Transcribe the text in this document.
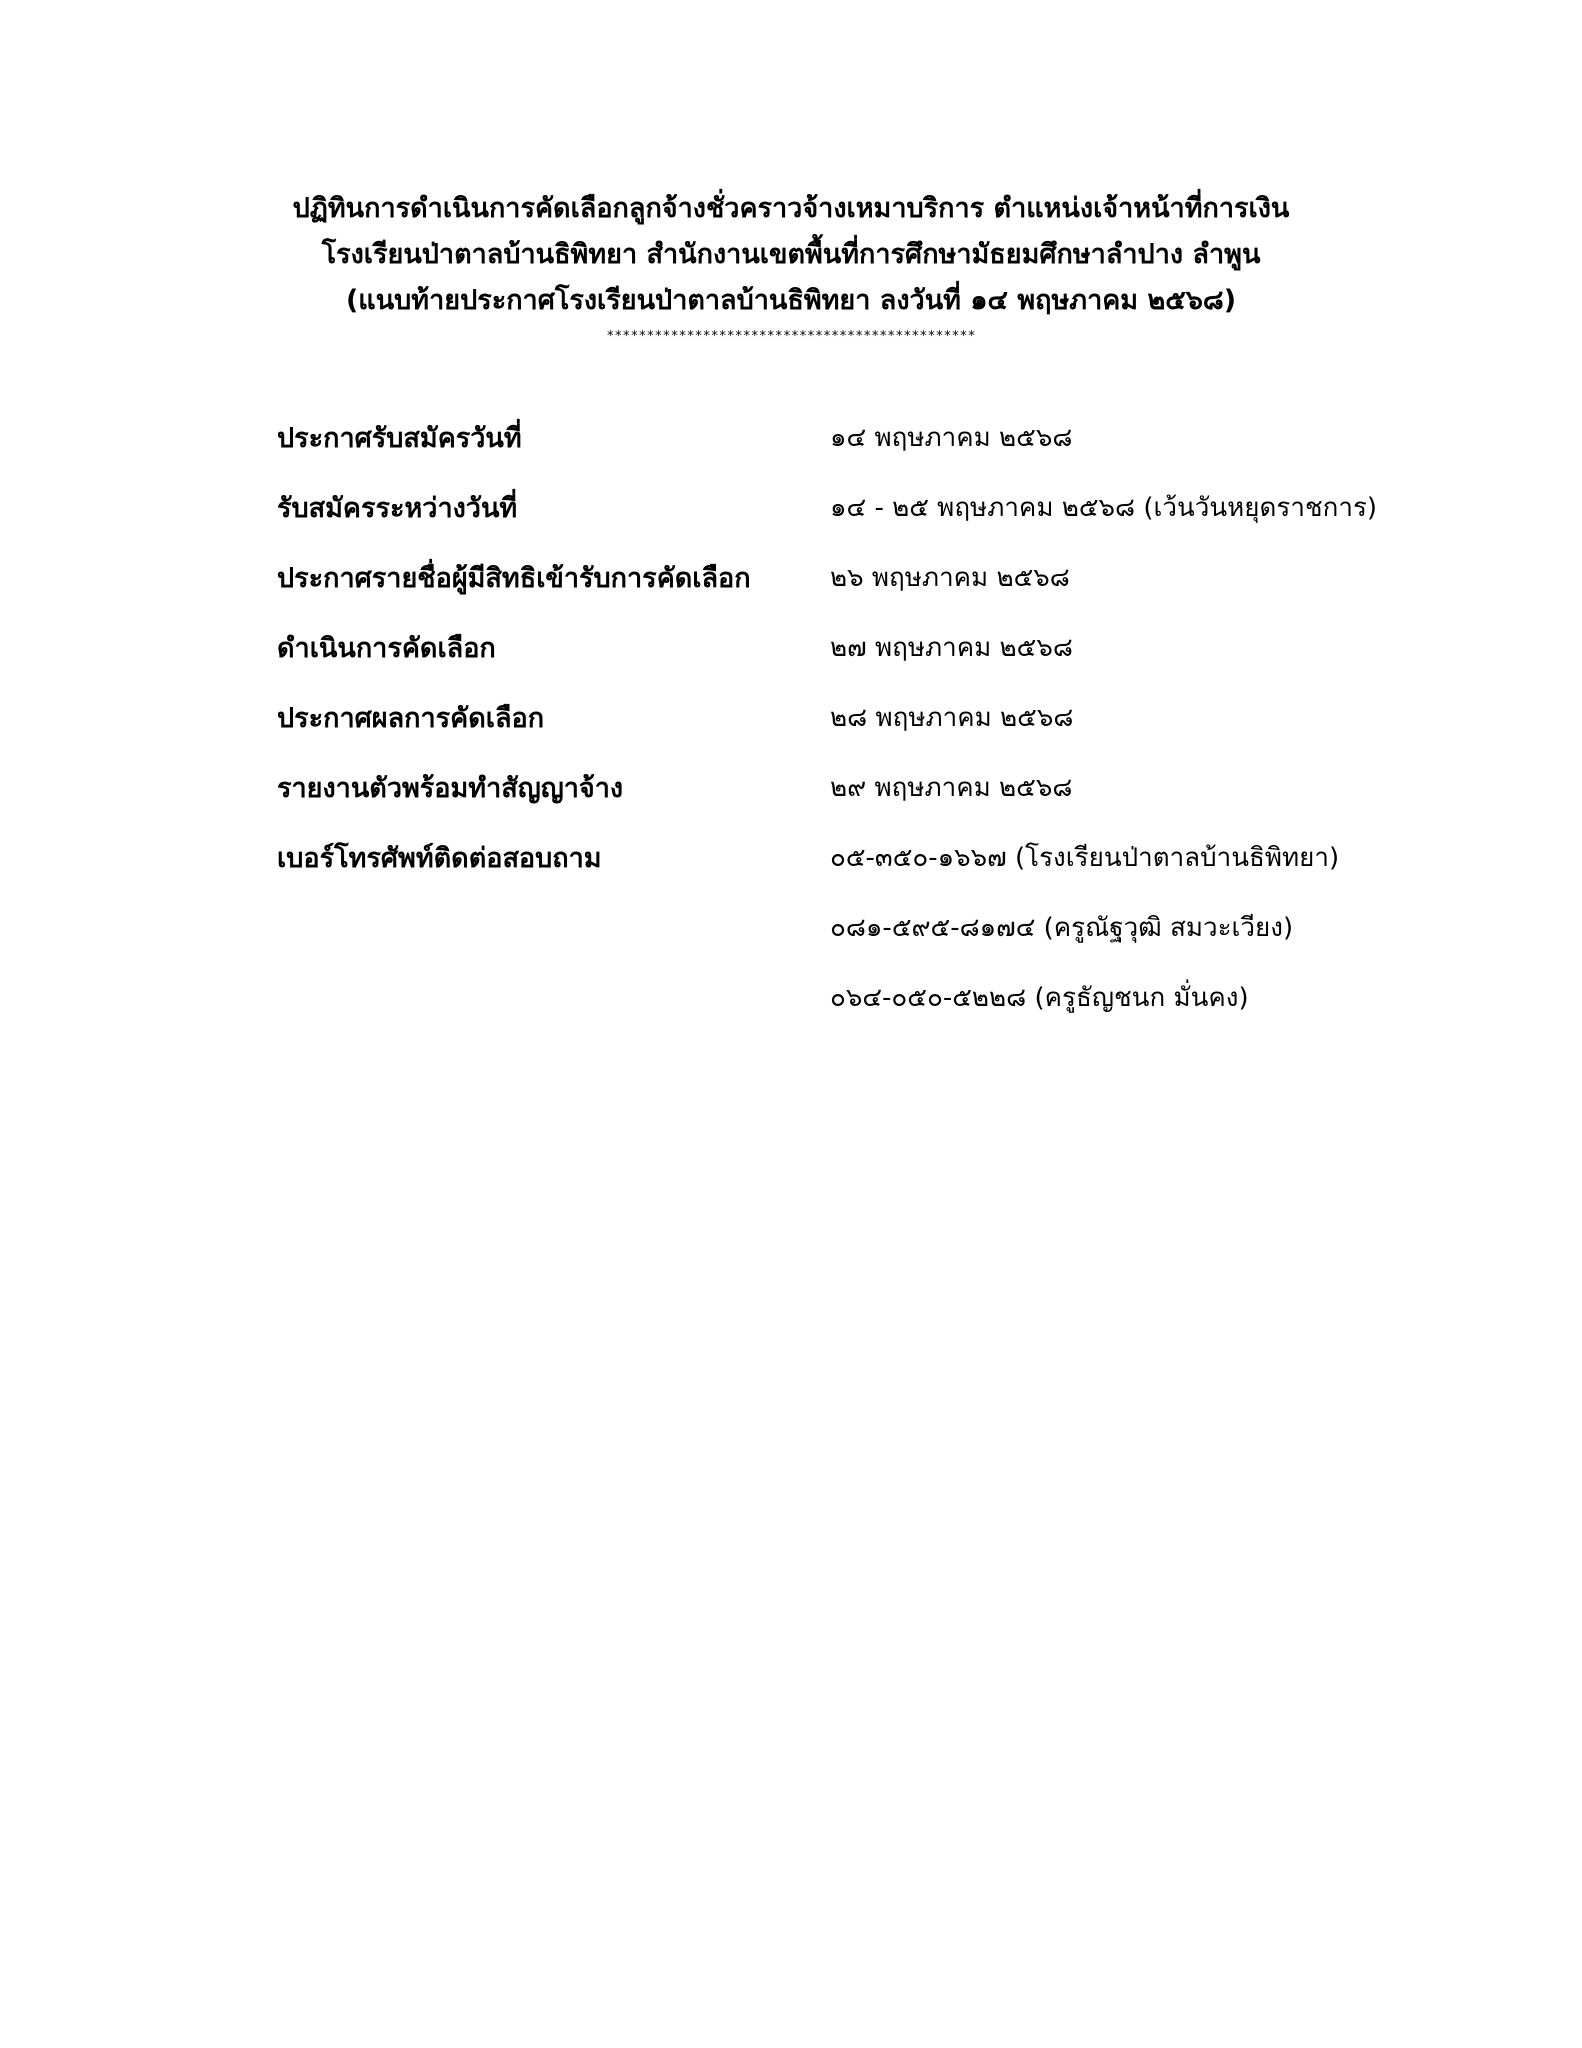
ปฏิทินการดำเนินการคัดเลือกลูกจ้างชั่วคราวจ้างเหมาบริการ ตำแหน่งเจ้าหน้าที่การเงิน
โรงเรียนป่าตาลบ้านธิพิทยา สำนักงานเขตพื้นที่การศึกษามัธยมศึกษาลำปาง ลำพูน
(แนบท้ายประกาศโรงเรียนป่าตาลบ้านธิพิทยา ลงวันที่ ๑๔ พฤษภาคม ๒๕๖๘)
**********************************************
ประกาศรับสมัครวันที่	๑๔ พฤษภาคม ๒๕๖๘
รับสมัครระหว่างวันที่	๑๔ - ๒๕ พฤษภาคม ๒๕๖๘ (เว้นวันหยุดราชการ)
ประกาศรายชื่อผู้มีสิทธิเข้ารับการคัดเลือก	๒๖ พฤษภาคม ๒๕๖๘
ดำเนินการคัดเลือก	๒๗ พฤษภาคม ๒๕๖๘
ประกาศผลการคัดเลือก	๒๘ พฤษภาคม ๒๕๖๘
รายงานตัวพร้อมทำสัญญาจ้าง	๒๙ พฤษภาคม ๒๕๖๘
เบอร์โทรศัพท์ติดต่อสอบถาม	๐๕-๓๕๐-๑๖๖๗ (โรงเรียนป่าตาลบ้านธิพิทยา)
๐๘๑-๕๙๕-๘๑๗๔ (ครูณัฐวุฒิ สมวะเวียง)
๐๖๔-๐๕๐-๕๒๒๘ (ครูธัญชนก มั่นคง)
